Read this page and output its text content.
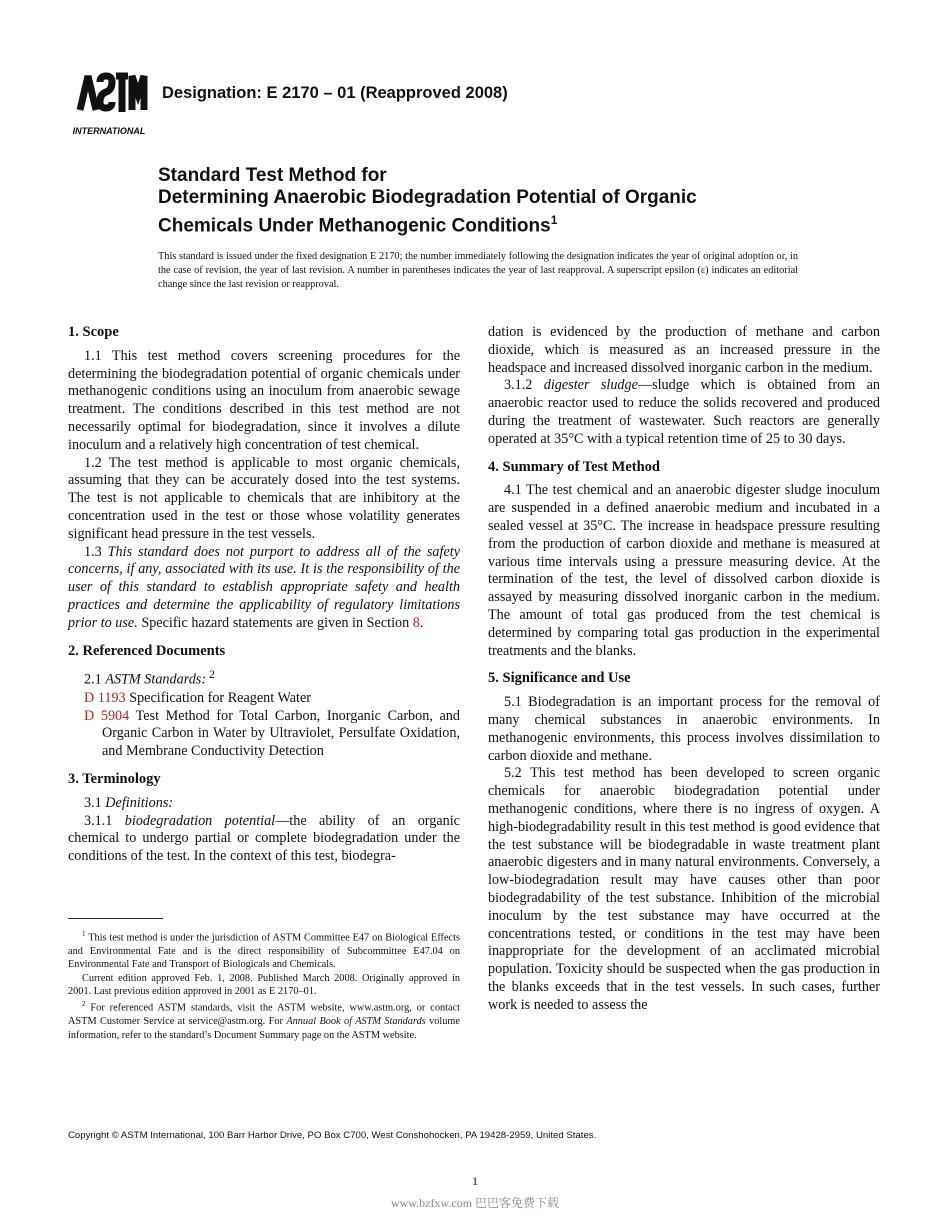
INTERNATIONAL
Designation: E 2170 – 01 (Reapproved 2008)
Standard Test Method for
Determining Anaerobic Biodegradation Potential of Organic
Chemicals Under Methanogenic Conditions$^1$
This standard is issued under the fixed designation E 2170; the number immediately following the designation indicates the year of original adoption or, in the case of revision, the year of last revision. A number in parentheses indicates the year of last reapproval. A superscript epsilon (ε) indicates an editorial change since the last revision or reapproval.
1. Scope

1.1 This test method covers screening procedures for the determining the biodegradation potential of organic chemicals under methanogenic conditions using an inoculum from anaerobic sewage treatment. The conditions described in this test method are not necessarily optimal for biodegradation, since it involves a dilute inoculum and a relatively high concentration of test chemical.

1.2 The test method is applicable to most organic chemicals, assuming that they can be accurately dosed into the test systems. The test is not applicable to chemicals that are inhibitory at the concentration used in the test or those whose volatility generates significant head pressure in the test vessels.

1.3 This standard does not purport to address all of the safety concerns, if any, associated with its use. It is the responsibility of the user of this standard to establish appropriate safety and health practices and determine the applicability of regulatory limitations prior to use. Specific hazard statements are given in Section 8.

2. Referenced Documents

2.1 ASTM Standards: $^2$

D 1193 Specification for Reagent Water

D 5904 Test Method for Total Carbon, Inorganic Carbon, and Organic Carbon in Water by Ultraviolet, Persulfate Oxidation, and Membrane Conductivity Detection

3. Terminology

3.1 Definitions:

3.1.1 biodegradation potential—the ability of an organic chemical to undergo partial or complete biodegradation under the conditions of the test. In the context of this test, biodegra-

dation is evidenced by the production of methane and carbon dioxide, which is measured as an increased pressure in the headspace and increased dissolved inorganic carbon in the medium.

3.1.2 digester sludge—sludge which is obtained from an anaerobic reactor used to reduce the solids recovered and produced during the treatment of wastewater. Such reactors are generally operated at 35°C with a typical retention time of 25 to 30 days.

4. Summary of Test Method

4.1 The test chemical and an anaerobic digester sludge inoculum are suspended in a defined anaerobic medium and incubated in a sealed vessel at 35°C. The increase in headspace pressure resulting from the production of carbon dioxide and methane is measured at various time intervals using a pressure measuring device. At the termination of the test, the level of dissolved carbon dioxide is assayed by measuring dissolved inorganic carbon in the medium. The amount of total gas produced from the test chemical is determined by comparing total gas production in the experimental treatments and the blanks.

5. Significance and Use

5.1 Biodegradation is an important process for the removal of many chemical substances in anaerobic environments. In methanogenic environments, this process involves dissimilation to carbon dioxide and methane.

5.2 This test method has been developed to screen organic chemicals for anaerobic biodegradation potential under methanogenic conditions, where there is no ingress of oxygen. A high-biodegradability result in this test method is good evidence that the test substance will be biodegradable in waste treatment plant anaerobic digesters and in many natural environments. Conversely, a low-biodegradation result may have causes other than poor biodegradability of the test substance. Inhibition of the microbial inoculum by the test substance may have occurred at the concentrations tested, or conditions in the test may have been inappropriate for the development of an acclimated microbial population. Toxicity should be suspected when the gas production in the blanks exceeds that in the test vessels. In such cases, further work is needed to assess the

$^1$ This test method is under the jurisdiction of ASTM Committee E47 on Biological Effects and Environmental Fate and is the direct responsibility of Subcommittee E47.04 on Environmental Fate and Transport of Biologicals and Chemicals.

Current edition approved Feb. 1, 2008. Published March 2008. Originally approved in 2001. Last previous edition approved in 2001 as E 2170–01.

$^2$ For referenced ASTM standards, visit the ASTM website, www.astm.org, or contact ASTM Customer Service at service@astm.org. For Annual Book of ASTM Standards volume information, refer to the standard’s Document Summary page on the ASTM website.

Copyright © ASTM International, 100 Barr Harbor Drive, PO Box C700, West Conshohocken, PA 19428-2959, United States.
1
www.bzfxw.com 巴巴客免费下载
